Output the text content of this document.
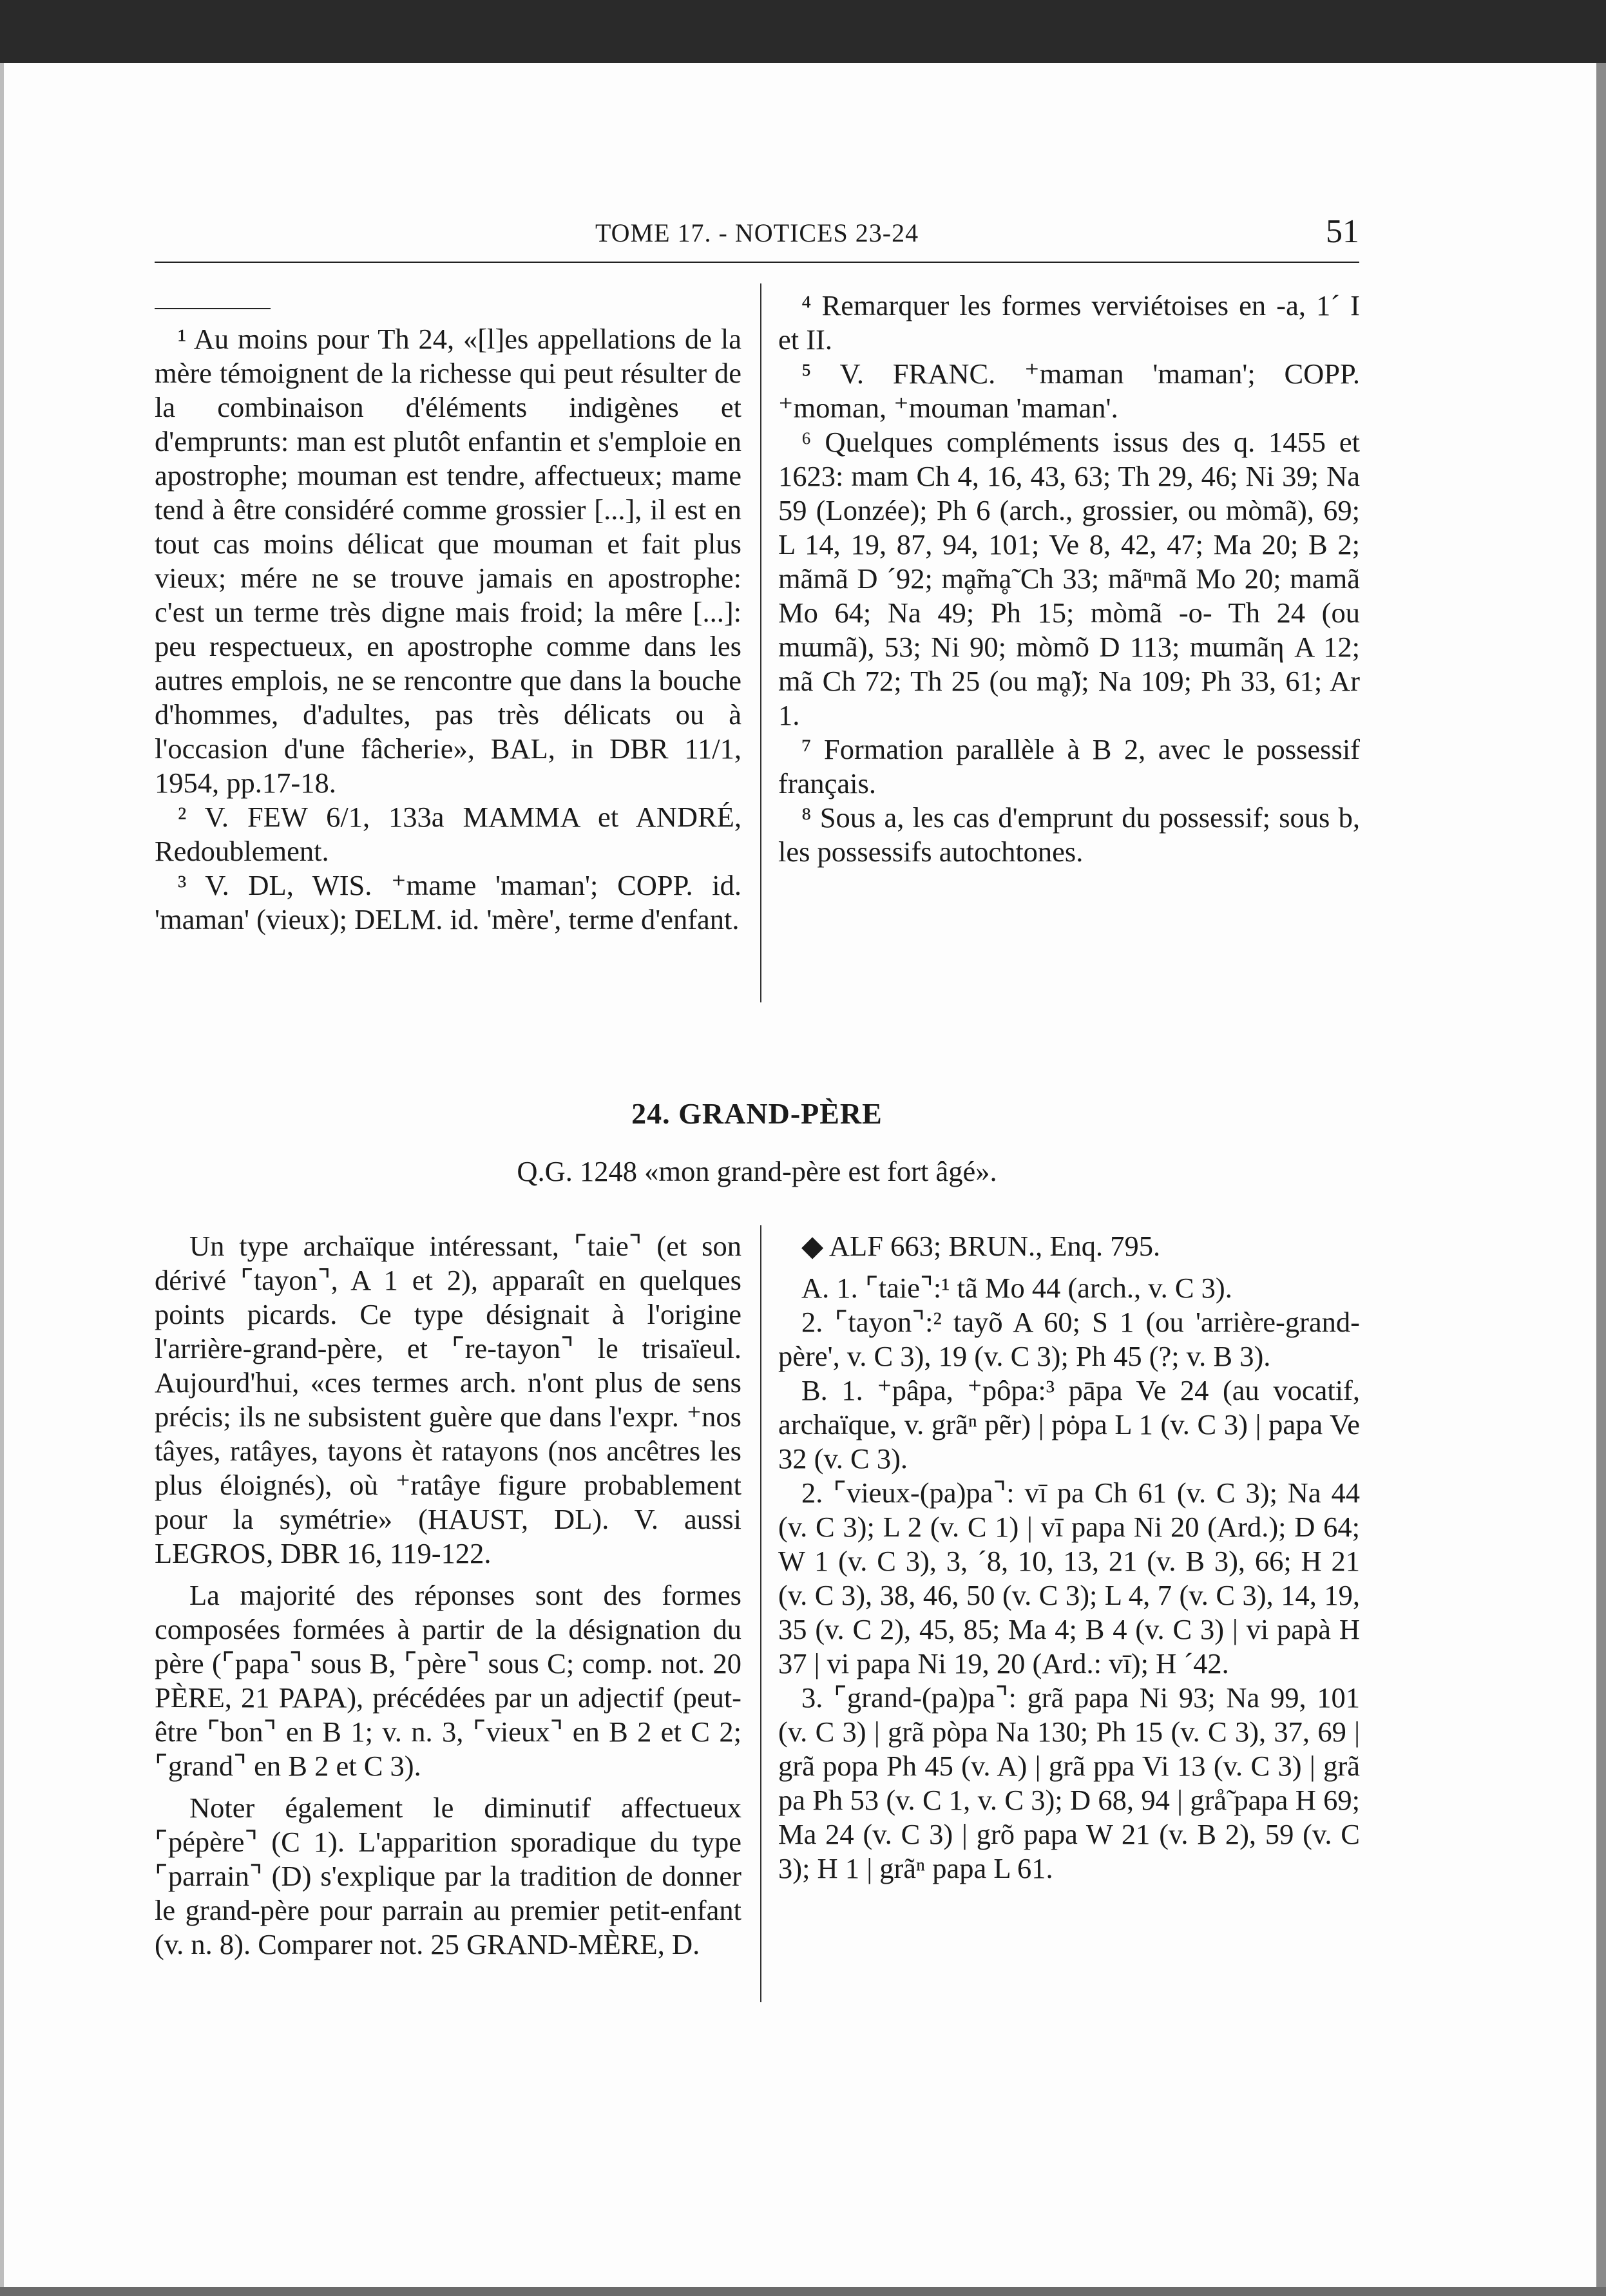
TOME 17. - NOTICES 23-24	51

¹ Au moins pour Th 24, «[l]es appellations de la mère témoignent de la richesse qui peut résulter de la combinaison d'éléments indigènes et d'emprunts: man est plutôt enfantin et s'emploie en apostrophe; mouman est tendre, affectueux; mame tend à être considéré comme grossier [...], il est en tout cas moins délicat que mouman et fait plus vieux; mére ne se trouve jamais en apostrophe: c'est un terme très digne mais froid; la mêre [...]: peu respectueux, en apostrophe comme dans les autres emplois, ne se rencontre que dans la bouche d'hommes, d'adultes, pas très délicats ou à l'occasion d'une fâcherie», BAL, in DBR 11/1, 1954, pp.17-18.

² V. FEW 6/1, 133a MAMMA et ANDRÉ, Redoublement.

³ V. DL, WIS. ⁺mame 'maman'; COPP. id. 'maman' (vieux); DELM. id. 'mère', terme d'enfant.

⁴ Remarquer les formes verviétoises en -a, 1´ I et II.

⁵ V. FRANC. ⁺maman 'maman'; COPP. ⁺moman, ⁺mouman 'maman'.

⁶ Quelques compléments issus des q. 1455 et 1623: mam Ch 4, 16, 43, 63; Th 29, 46; Ni 39; Na 59 (Lonzée); Ph 6 (arch., grossier, ou mòmã), 69; L 14, 19, 87, 94, 101; Ve 8, 42, 47; Ma 20; B 2; mãmã D ´92; mḁ̃mḁ̃ Ch 33; mãⁿmã Mo 20; mamã Mo 64; Na 49; Ph 15; mòmã -o- Th 24 (ou mɯmã), 53; Ni 90; mòmõ D 113; mɯmãη A 12; mã Ch 72; Th 25 (ou mḁ̃); Na 109; Ph 33, 61; Ar 1.

⁷ Formation parallèle à B 2, avec le possessif français.

⁸ Sous a, les cas d'emprunt du possessif; sous b, les possessifs autochtones.

24. GRAND-PÈRE
Q.G. 1248 «mon grand-père est fort âgé».

Un type archaïque intéressant, ⌜taie⌝ (et son dérivé ⌜tayon⌝, A 1 et 2), apparaît en quelques points picards. Ce type désignait à l'origine l'arrière-grand-père, et ⌜re-tayon⌝ le trisaïeul. Aujourd'hui, «ces termes arch. n'ont plus de sens précis; ils ne subsistent guère que dans l'expr. ⁺nos tâyes, ratâyes, tayons èt ratayons (nos ancêtres les plus éloignés), où ⁺ratâye figure probablement pour la symétrie» (HAUST, DL). V. aussi LEGROS, DBR 16, 119-122.

La majorité des réponses sont des formes composées formées à partir de la désignation du père (⌜papa⌝ sous B, ⌜père⌝ sous C; comp. not. 20 PÈRE, 21 PAPA), précédées par un adjectif (peut-être ⌜bon⌝ en B 1; v. n. 3, ⌜vieux⌝ en B 2 et C 2; ⌜grand⌝ en B 2 et C 3).

Noter également le diminutif affectueux ⌜pépère⌝ (C 1). L'apparition sporadique du type ⌜parrain⌝ (D) s'explique par la tradition de donner le grand-père pour parrain au premier petit-enfant (v. n. 8). Comparer not. 25 GRAND-MÈRE, D.

◆ ALF 663; BRUN., Enq. 795.

A. 1. ⌜taie⌝:¹ tã Mo 44 (arch., v. C 3).

2. ⌜tayon⌝:² tayõ A 60; S 1 (ou 'arrière-grand-père', v. C 3), 19 (v. C 3); Ph 45 (?; v. B 3).

B. 1. ⁺pâpa, ⁺pôpa:³ pāpa Ve 24 (au vocatif, archaïque, v. grãⁿ pẽr) | pȯpa L 1 (v. C 3) | papa Ve 32 (v. C 3).

2. ⌜vieux-(pa)pa⌝: vī pa Ch 61 (v. C 3); Na 44 (v. C 3); L 2 (v. C 1) | vī papa Ni 20 (Ard.); D 64; W 1 (v. C 3), 3, ´8, 10, 13, 21 (v. B 3), 66; H 21 (v. C 3), 38, 46, 50 (v. C 3); L 4, 7 (v. C 3), 14, 19, 35 (v. C 2), 45, 85; Ma 4; B 4 (v. C 3) | vi papà H 37 | vi papa Ni 19, 20 (Ard.: vī); H ´42.

3. ⌜grand-(pa)pa⌝: grã papa Ni 93; Na 99, 101 (v. C 3) | grã pòpa Na 130; Ph 15 (v. C 3), 37, 69 | grã popa Ph 45 (v. A) | grã ppa Vi 13 (v. C 3) | grã pa Ph 53 (v. C 1, v. C 3); D 68, 94 | grå̃ papa H 69; Ma 24 (v. C 3) | grõ papa W 21 (v. B 2), 59 (v. C 3); H 1 | grãⁿ papa L 61.
